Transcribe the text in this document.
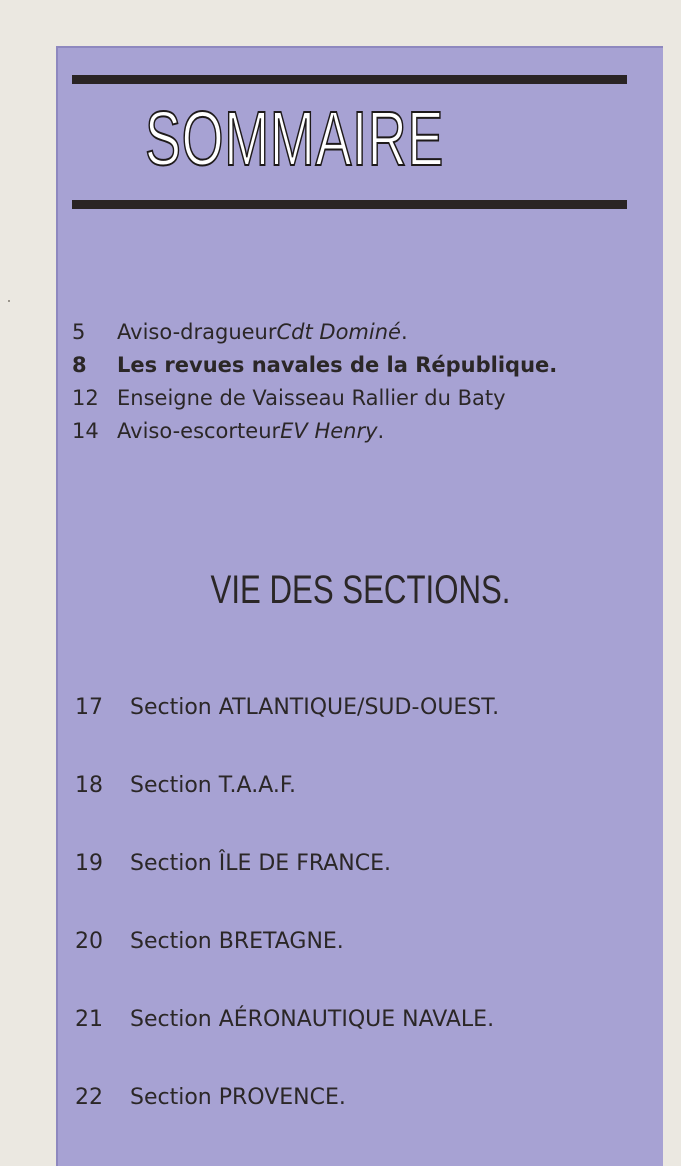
SOMMAIRE
5	Aviso-dragueur Cdt Dominé .
8	Les revues navales de la République.
12 Enseigne de Vaisseau Rallier du Baty
14 Aviso-escorteur EV Henry .
VIE DES SECTIONS.
17	Section ATLANTIQUE/SUD-OUEST.
18	Section T.A.A.F.
19	Section ÎLE DE FRANCE.
20	Section BRETAGNE.
21	Section AÉRONAUTIQUE NAVALE.
22	Section PROVENCE.
